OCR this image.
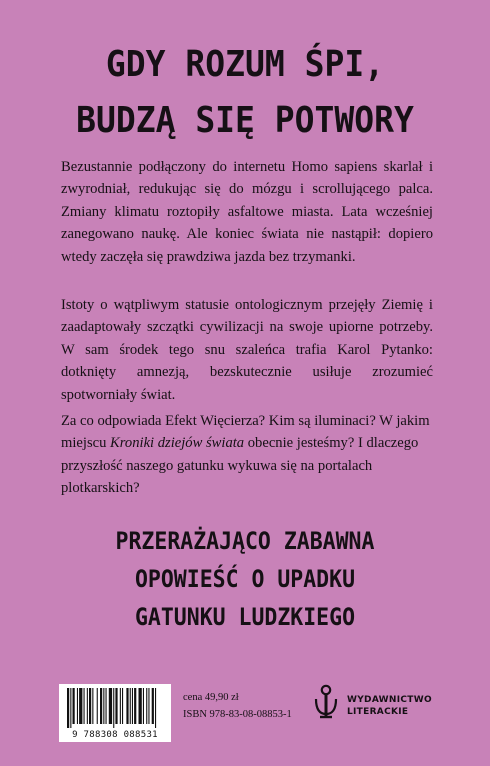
GDY ROZUM ŚPI,
BUDZĄ SIĘ POTWORY

Bezustannie podłączony do internetu Homo sapiens skarlał i zwyrodniał, redukując się do mózgu i scrollującego palca. Zmiany klimatu roztopiły asfaltowe miasta. Lata wcześniej zanegowano naukę. Ale koniec świata nie nastąpił: dopiero wtedy zaczęła się prawdziwa jazda bez trzymanki.

Istoty o wątpliwym statusie ontologicznym przejęły Ziemię i zaadaptowały szczątki cywilizacji na swoje upiorne potrzeby. W sam środek tego snu szaleńca trafia Karol Pytanko: dotknięty amnezją, bezskutecznie usiłuje zrozumieć spotworniały świat.

Za co odpowiada Efekt Więcierza? Kim są iluminaci? W jakim miejscu Kroniki dziejów świata obecnie jesteśmy? I dlaczego przyszłość naszego gatunku wykuwa się na portalach plotkarskich?

PRZERAŻAJĄCO ZABAWNA
OPOWIEŚĆ O UPADKU
GATUNKU LUDZKIEGO
9 788308 088531
cena 49,90 zł
ISBN 978-83-08-08853-1
WYDAWNICTWO
LITERACKIE
